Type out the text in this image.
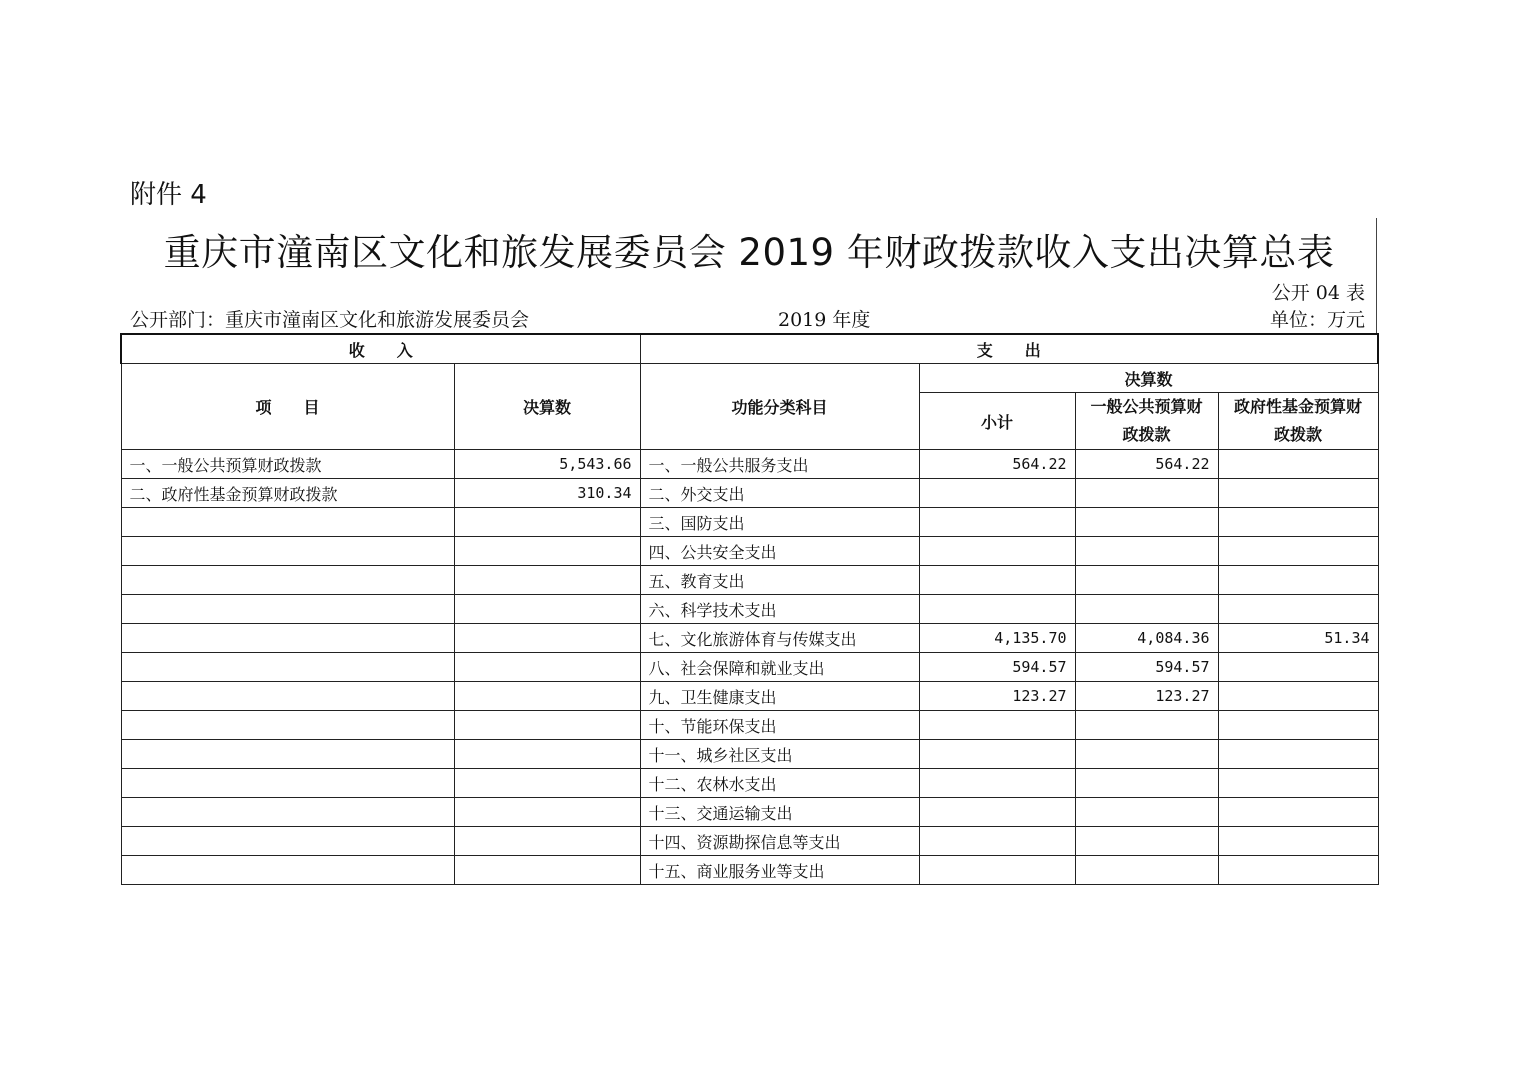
附件 4
重庆市潼南区文化和旅发展委员会 2019 年财政拨款收入支出决算总表
公开 04 表
公开部门：重庆市潼南区文化和旅游发展委员会	2019 年度	单位：万元
收　　入		支　　出			
项　　目	决算数	功能分类科目	决算数		
			小计	一般公共预算财政拨款	政府性基金预算财政拨款

一、一般公共预算财政拨款	5,543.66	一、一般公共服务支出	564.22	564.22	
二、政府性基金预算财政拨款	310.34	二、外交支出			
		三、国防支出			
		四、公共安全支出			
		五、教育支出			
		六、科学技术支出			
		七、文化旅游体育与传媒支出	4,135.70	4,084.36	51.34
		八、社会保障和就业支出	594.57	594.57	
		九、卫生健康支出	123.27	123.27	
		十、节能环保支出			
		十一、城乡社区支出			
		十二、农林水支出			
		十三、交通运输支出			
		十四、资源勘探信息等支出			
		十五、商业服务业等支出			
